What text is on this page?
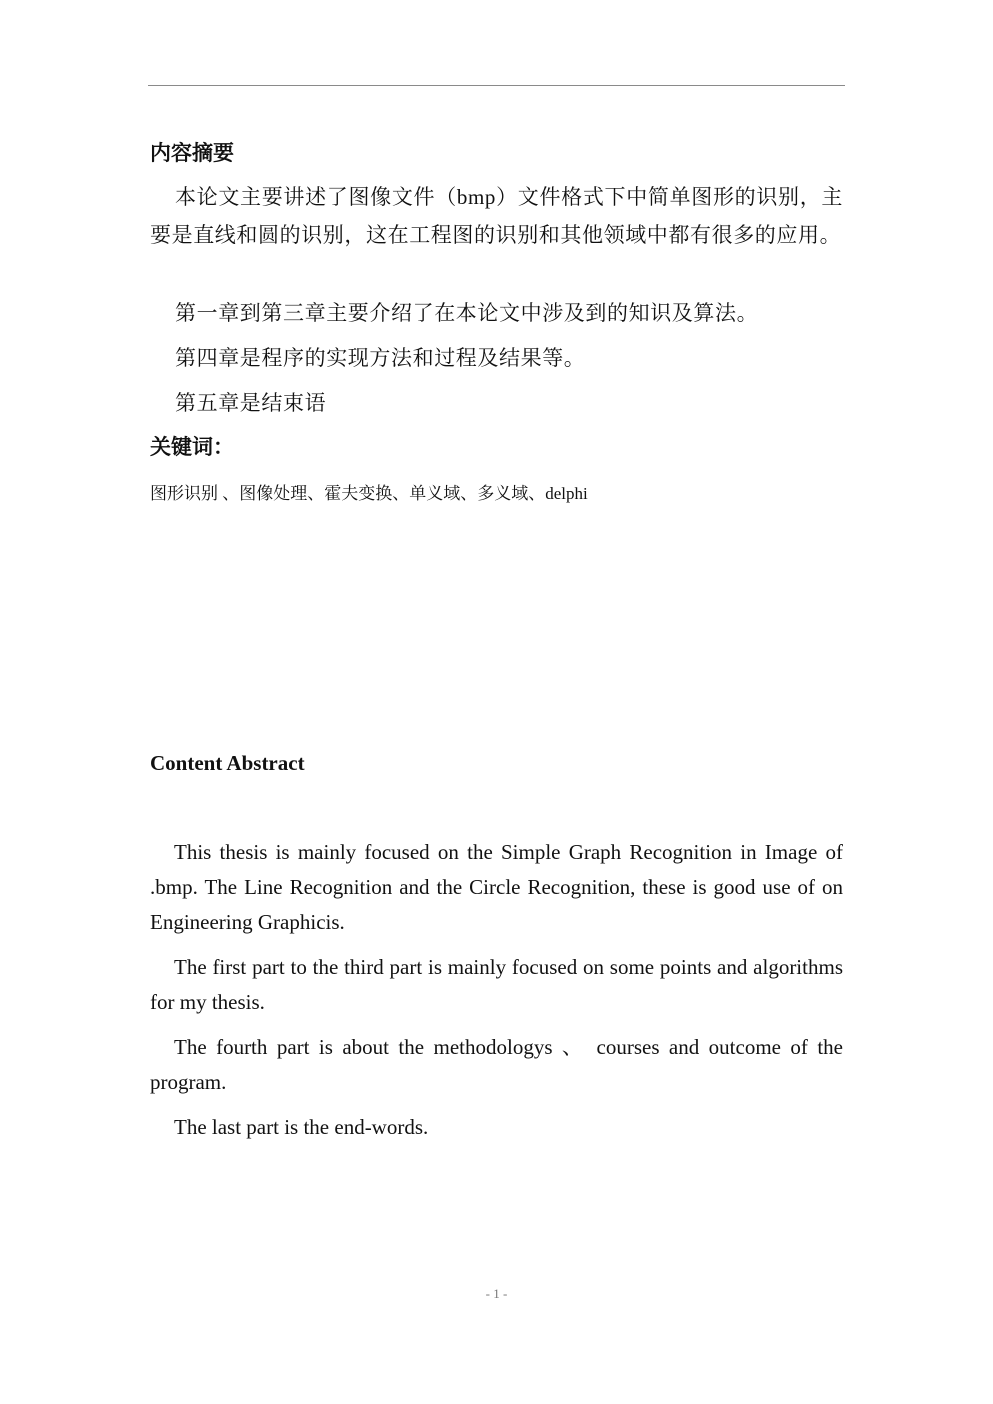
内容摘要

本论文主要讲述了图像文件（bmp）文件格式下中简单图形的识别，主要是直线和圆的识别，这在工程图的识别和其他领域中都有很多的应用。

第一章到第三章主要介绍了在本论文中涉及到的知识及算法。

第四章是程序的实现方法和过程及结果等。

第五章是结束语

关键词：
图形识别 、图像处理、霍夫变换、单义域、多义域、delphi
Content Abstract

This thesis is mainly focused on the Simple Graph Recognition in Image of .bmp. The Line Recognition and the Circle Recognition, these is good use of on Engineering Graphicis.

The first part to the third part is mainly focused on some points and algorithms for my thesis.

The fourth part is about the methodologys 、 courses and outcome of the program.

The last part is the end-words.

- 1 -
